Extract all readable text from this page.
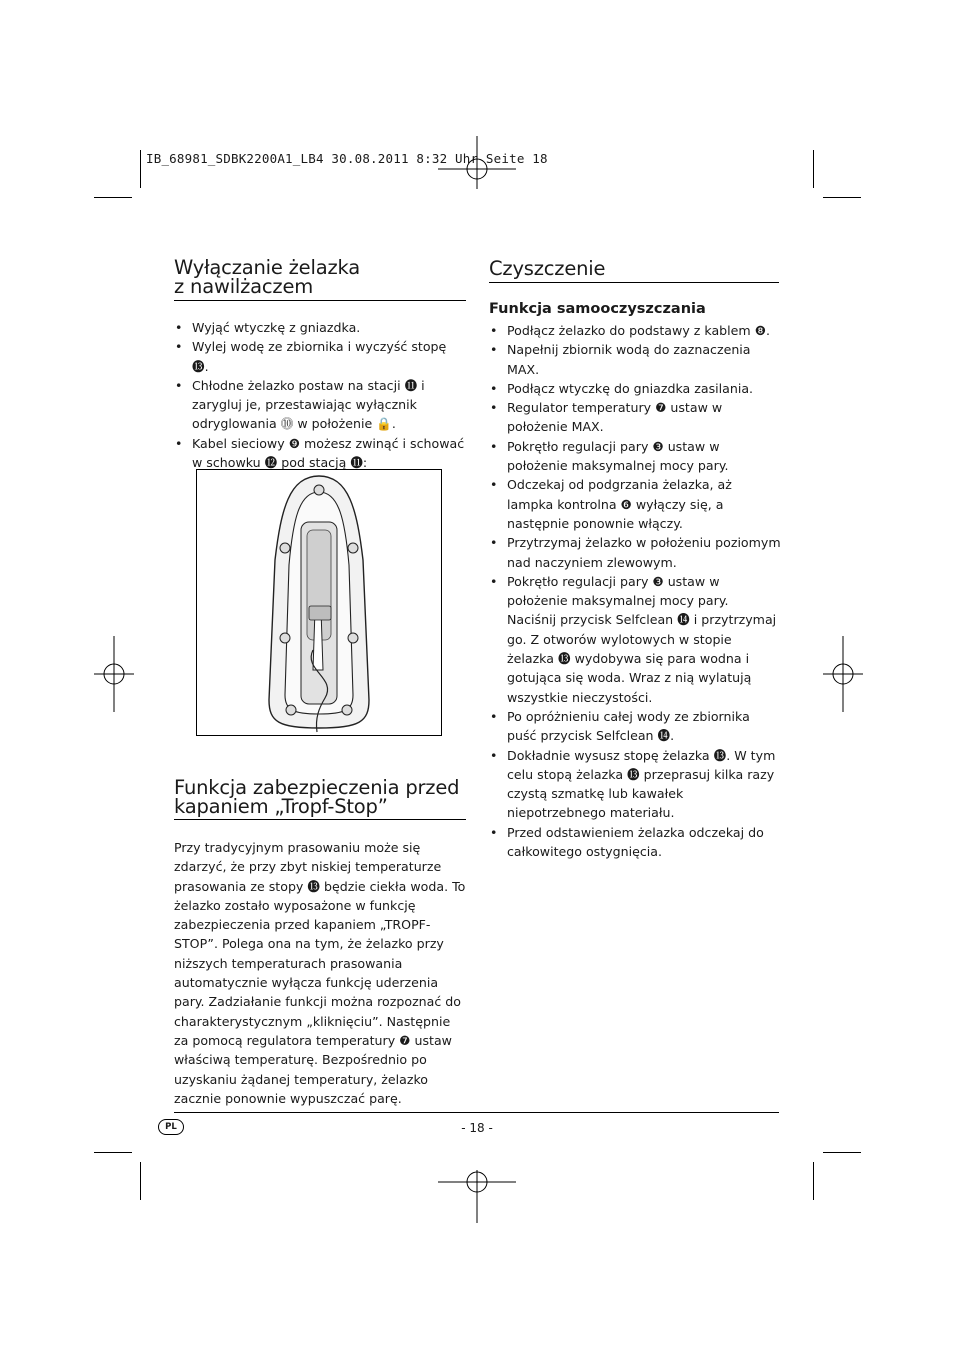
IB_68981_SDBK2200A1_LB4 30.08.2011 8:32 Uhr Seite 18
Wyłączanie żelazka
z nawilżaczem
• Wyjąć wtyczkę z gniazdka.
• Wylej wodę ze zbiornika i wyczyść stopę ⓭.
• Chłodne żelazko postaw na stacji ⓫ i zarygluj je, przestawiając wyłącznik odryglowania ⓾ w położenie 🔒.
• Kabel sieciowy ❾ możesz zwinąć i schować w schowku ⓬ pod stacją ⓫:
Funkcja zabezpieczenia przed
kapaniem „Tropf-Stop”

Przy tradycyjnym prasowaniu może się zdarzyć, że przy zbyt niskiej temperaturze prasowania ze stopy ⓭ będzie ciekła woda. To żelazko zostało wyposażone w funkcję zabezpieczenia przed kapaniem „TROPF-STOP”. Polega ona na tym, że żelazko przy niższych temperaturach prasowania automatycznie wyłącza funkcję uderzenia pary. Zadziałanie funkcji można rozpoznać do charakterystycznym „kliknięciu”. Następnie za pomocą regulatora temperatury ❼ ustaw właściwą temperaturę. Bezpośrednio po uzyskaniu żądanej temperatury, żelazko zacznie ponownie wypuszczać parę.

Czyszczenie
Funkcja samooczyszczania
• Podłącz żelazko do podstawy z kablem ❽.
• Napełnij zbiornik wodą do zaznaczenia MAX.
• Podłącz wtyczkę do gniazdka zasilania.
• Regulator temperatury ❼ ustaw w położenie MAX.
• Pokrętło regulacji pary ❸ ustaw w położenie maksymalnej mocy pary.
• Odczekaj od podgrzania żelazka, aż lampka kontrolna ❻ wyłączy się, a następnie ponownie włączy.
• Przytrzymaj żelazko w położeniu poziomym nad naczyniem zlewowym.
• Pokrętło regulacji pary ❸ ustaw w położenie maksymalnej mocy pary. Naciśnij przycisk Selfclean ⓮ i przytrzymaj go. Z otworów wylotowych w stopie żelazka ⓭ wydobywa się para wodna i gotująca się woda. Wraz z nią wylatują wszystkie nieczystości.
• Po opróżnieniu całej wody ze zbiornika puść przycisk Selfclean ⓮.
• Dokładnie wysusz stopę żelazka ⓭. W tym celu stopą żelazka ⓭ przeprasuj kilka razy czystą szmatkę lub kawałek niepotrzebnego materiału.
• Przed odstawieniem żelazka odczekaj do całkowitego ostygnięcia.
PL	- 18 -
